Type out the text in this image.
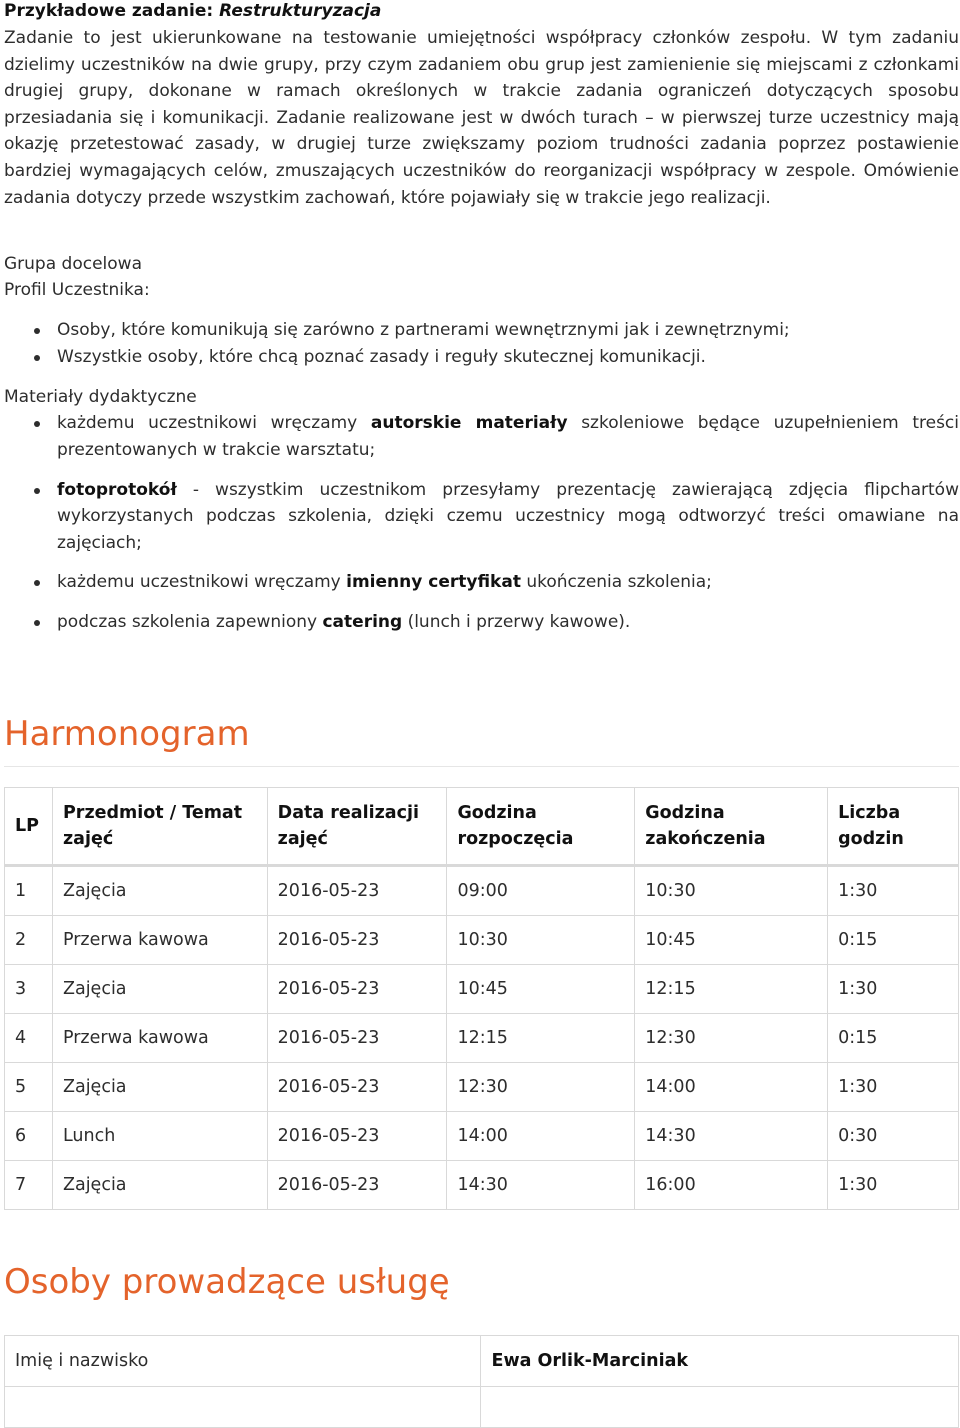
Przykładowe zadanie: Restrukturyzacja

Zadanie to jest ukierunkowane na testowanie umiejętności współpracy członków zespołu. W tym zadaniu dzielimy uczestników na dwie grupy, przy czym zadaniem obu grup jest zamienienie się miejscami z członkami drugiej grupy, dokonane w ramach określonych w trakcie zadania ograniczeń dotyczących sposobu przesiadania się i komunikacji. Zadanie realizowane jest w dwóch turach – w pierwszej turze uczestnicy mają okazję przetestować zasady, w drugiej turze zwiększamy poziom trudności zadania poprzez postawienie bardziej wymagających celów, zmuszających uczestników do reorganizacji współpracy w zespole. Omówienie zadania dotyczy przede wszystkim zachowań, które pojawiały się w trakcie jego realizacji.

Grupa docelowa

Profil Uczestnika:

Osoby, które komunikują się zarówno z partnerami wewnętrznymi jak i zewnętrznymi;
Wszystkie osoby, które chcą poznać zasady i reguły skutecznej komunikacji.

Materiały dydaktyczne

każdemu uczestnikowi wręczamy autorskie materiały szkoleniowe będące uzupełnieniem treści prezentowanych w trakcie warsztatu;
fotoprotokół - wszystkim uczestnikom przesyłamy prezentację zawierającą zdjęcia flipchartów wykorzystanych podczas szkolenia, dzięki czemu uczestnicy mogą odtworzyć treści omawiane na zajęciach;
każdemu uczestnikowi wręczamy imienny certyfikat ukończenia szkolenia;
podczas szkolenia zapewniony catering (lunch i przerwy kawowe).
Harmonogram
LP	Przedmiot / Temat zajęć	Data realizacji zajęć	Godzina rozpoczęcia	Godzina zakończenia	Liczba godzin
1	Zajęcia	2016-05-23	09:00	10:30	1:30
2	Przerwa kawowa	2016-05-23	10:30	10:45	0:15
3	Zajęcia	2016-05-23	10:45	12:15	1:30
4	Przerwa kawowa	2016-05-23	12:15	12:30	0:15
5	Zajęcia	2016-05-23	12:30	14:00	1:30
6	Lunch	2016-05-23	14:00	14:30	0:30
7	Zajęcia	2016-05-23	14:30	16:00	1:30
Osoby prowadzące usługę
Imię i nazwisko	Ewa Orlik-Marciniak
